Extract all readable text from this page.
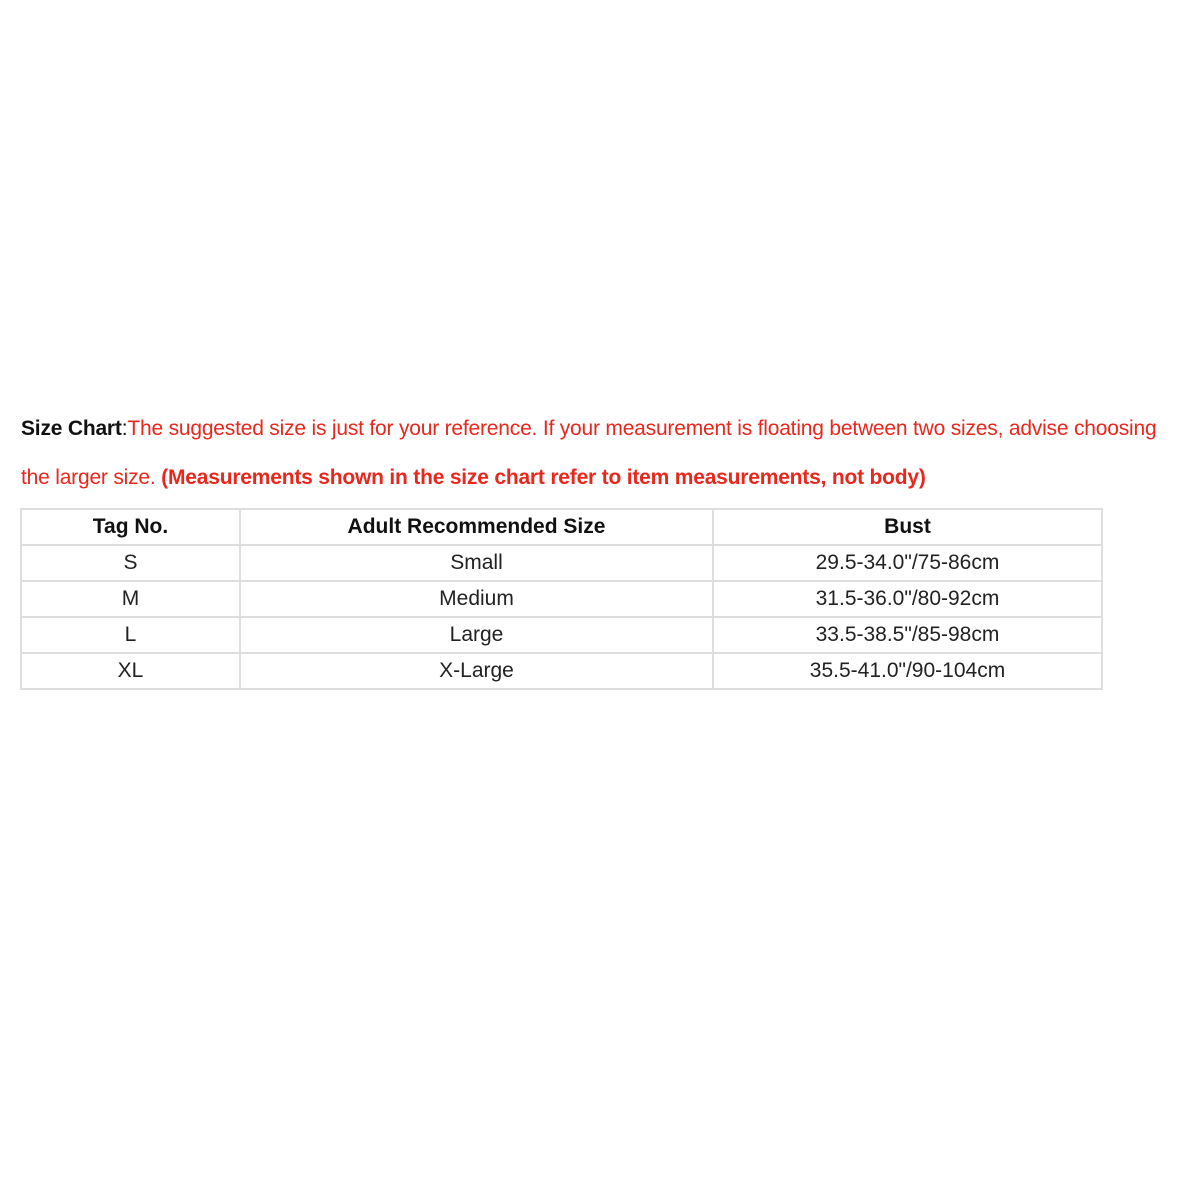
Size Chart:The suggested size is just for your reference. If your measurement is floating between two sizes, advise choosing the larger size. (Measurements shown in the size chart refer to item measurements, not body)
Tag No.	Adult Recommended Size	Bust
S	Small	29.5-34.0"/75-86cm
M	Medium	31.5-36.0"/80-92cm
L	Large	33.5-38.5"/85-98cm
XL	X-Large	35.5-41.0"/90-104cm
